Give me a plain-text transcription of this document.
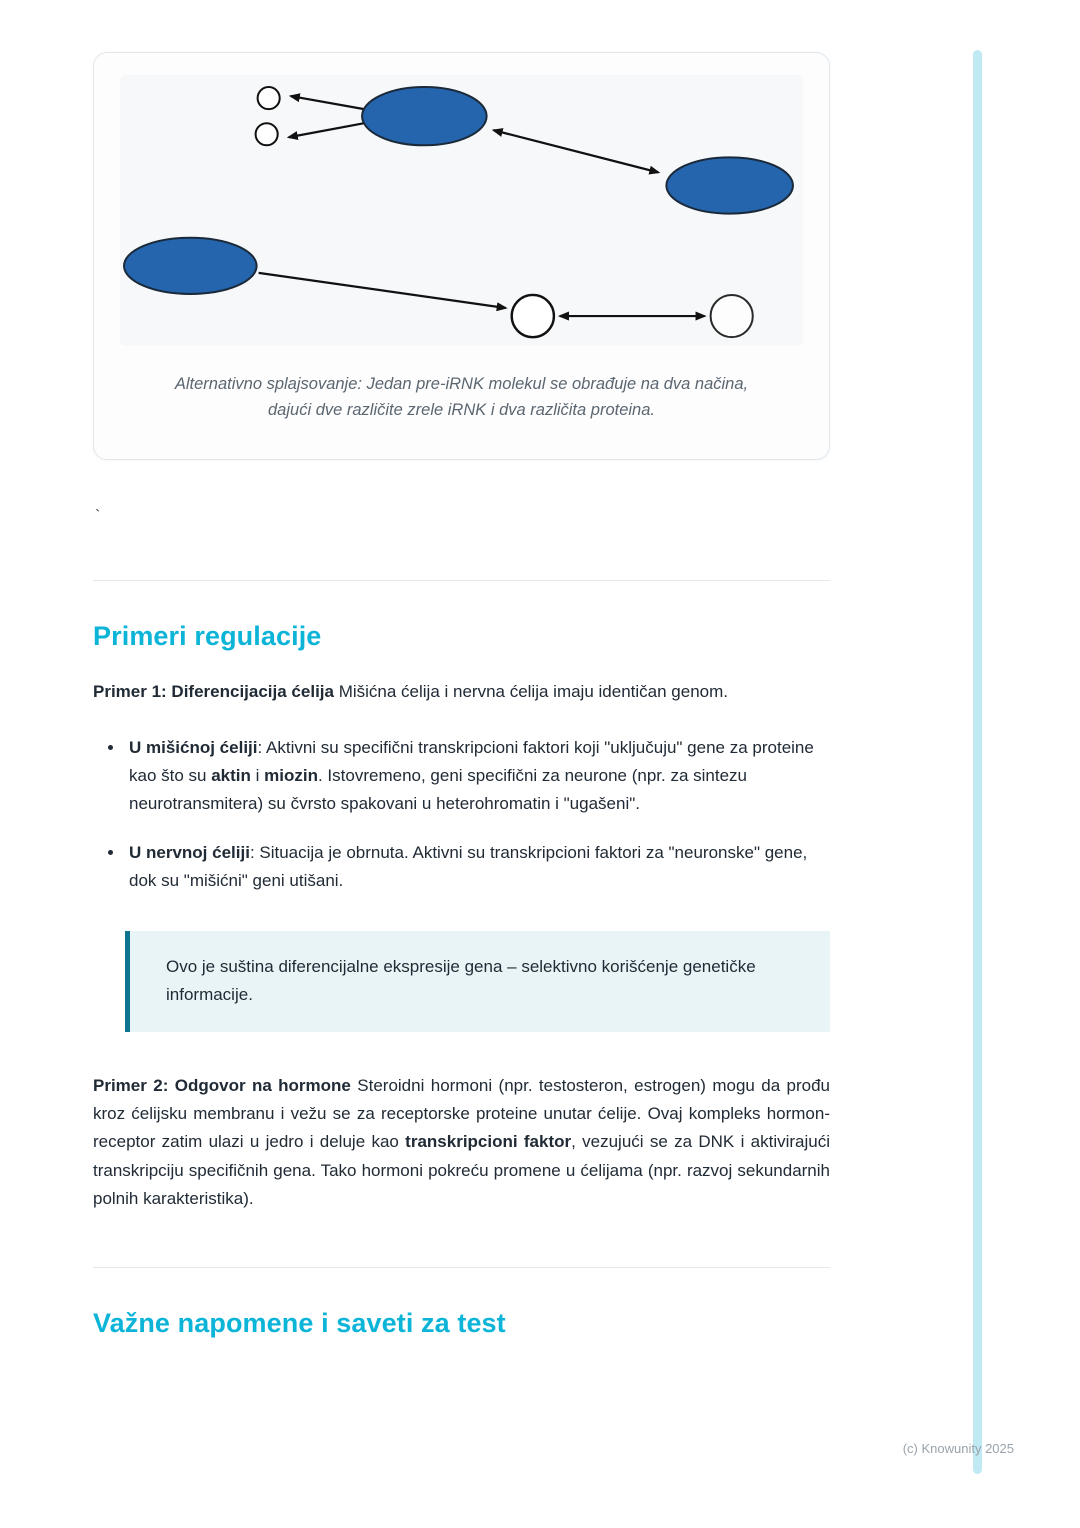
Alternativno splajsovanje: Jedan pre-iRNK molekul se obrađuje na dva načina, dajući dve različite zrele iRNK i dva različita proteina.
`
Primeri regulacije

Primer 1: Diferencijacija ćelija Mišićna ćelija i nervna ćelija imaju identičan genom.

• U mišićnoj ćeliji: Aktivni su specifični transkripcioni faktori koji "uključuju" gene za proteine kao što su aktin i miozin. Istovremeno, geni specifični za neurone (npr. za sintezu neurotransmitera) su čvrsto spakovani u heterohromatin i "ugašeni".
• U nervnoj ćeliji: Situacija je obrnuta. Aktivni su transkripcioni faktori za "neuronske" gene, dok su "mišićni" geni utišani.
Ovo je suština diferencijalne ekspresije gena – selektivno korišćenje genetičke informacije.

Primer 2: Odgovor na hormone Steroidni hormoni (npr. testosteron, estrogen) mogu da prođu kroz ćelijsku membranu i vežu se za receptorske proteine unutar ćelije. Ovaj kompleks hormon-receptor zatim ulazi u jedro i deluje kao transkripcioni faktor, vezujući se za DNK i aktivirajući transkripciju specifičnih gena. Tako hormoni pokreću promene u ćelijama (npr. razvoj sekundarnih polnih karakteristika).

Važne napomene i saveti za test
(c) Knowunity 2025
